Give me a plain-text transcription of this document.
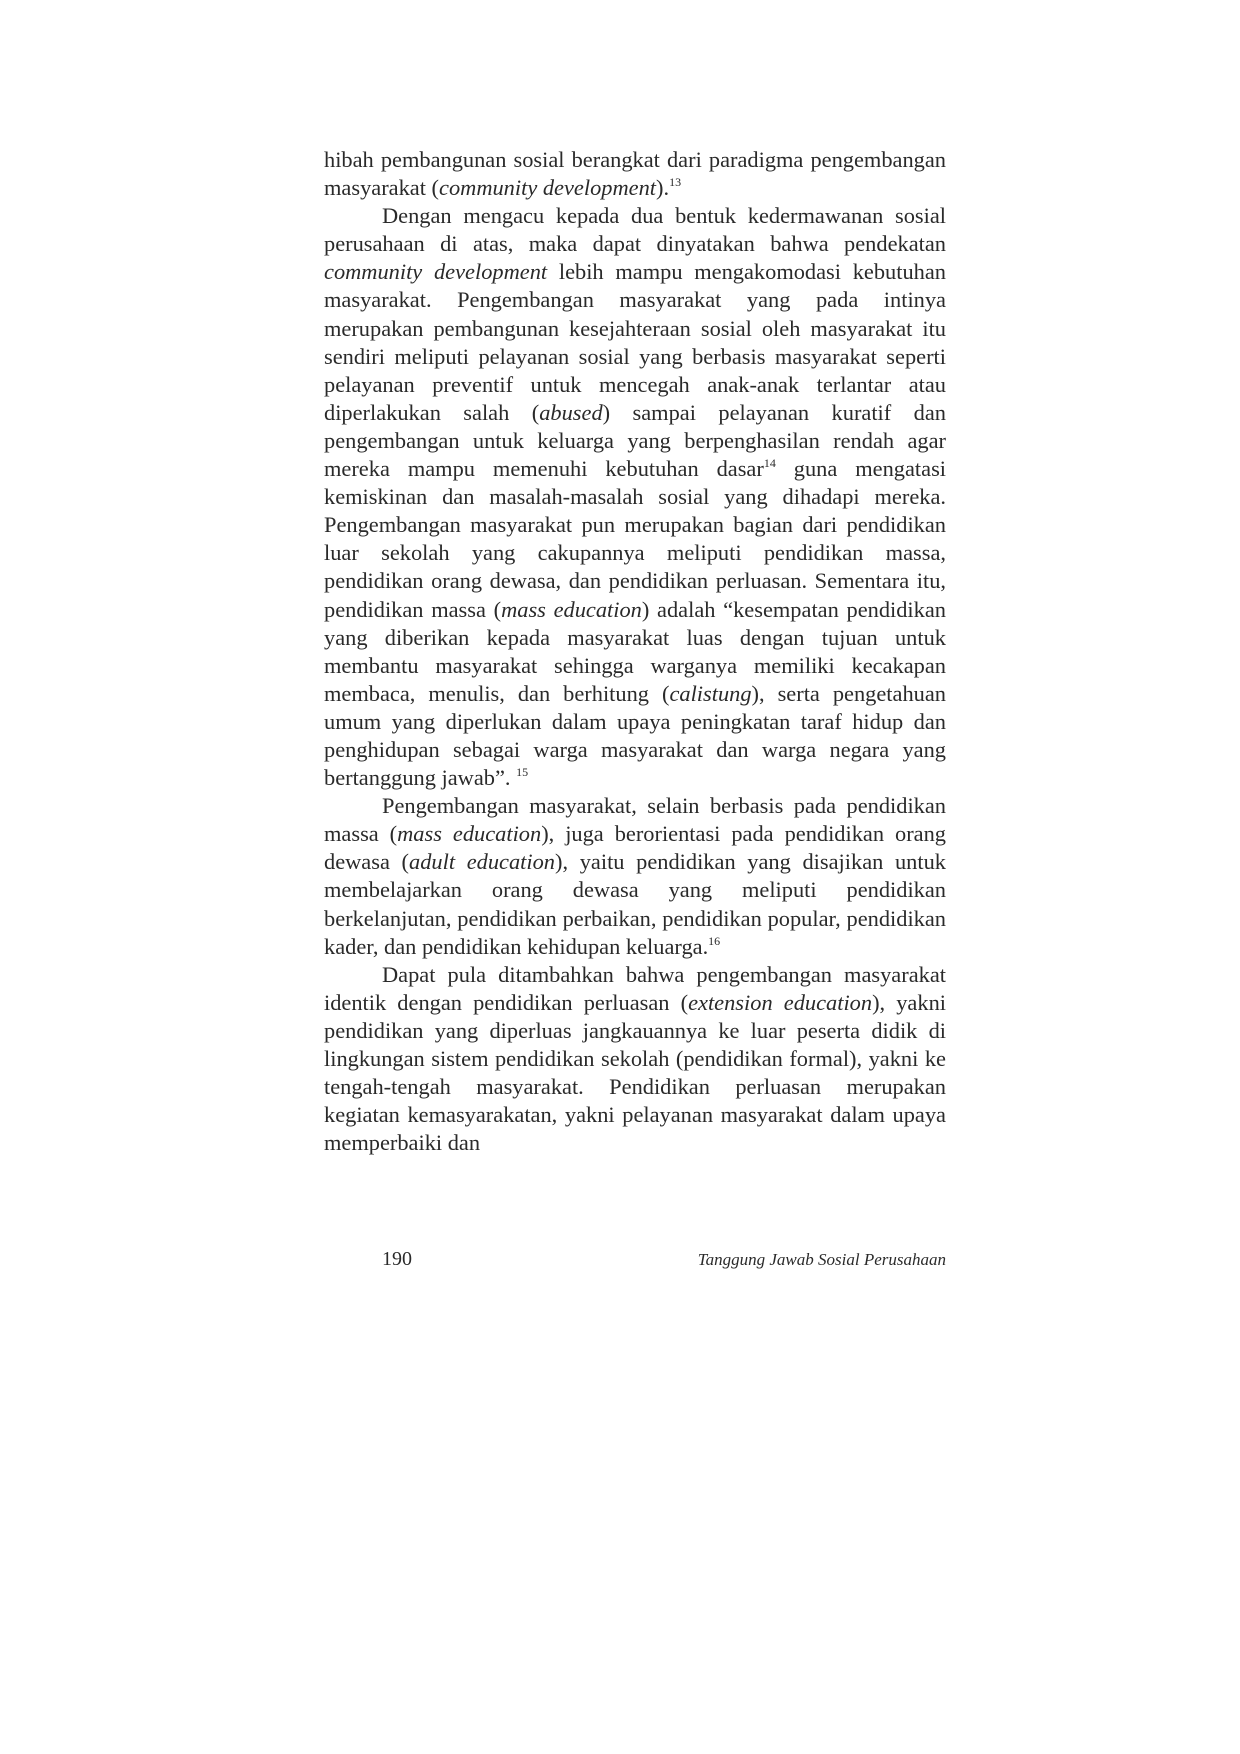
hibah pembangunan sosial berangkat dari paradigma pengembangan masyarakat (community development).$^{13}$

Dengan mengacu kepada dua bentuk kedermawanan sosial perusahaan di atas, maka dapat dinyatakan bahwa pendekatan community development lebih mampu mengakomodasi kebutuhan masyarakat. Pengembangan masyarakat yang pada intinya merupakan pembangunan kesejahteraan sosial oleh masyarakat itu sendiri meliputi pelayanan sosial yang berbasis masyarakat seperti pelayanan preventif untuk mencegah anak-anak terlantar atau diperlakukan salah (abused) sampai pelayanan kuratif dan pengembangan untuk keluarga yang berpenghasilan rendah agar mereka mampu memenuhi kebutuhan dasar$^{14}$ guna mengatasi kemiskinan dan masalah-masalah sosial yang dihadapi mereka. Pengembangan masyarakat pun merupakan bagian dari pendidikan luar sekolah yang cakupannya meliputi pendidikan massa, pendidikan orang dewasa, dan pendidikan perluasan. Sementara itu, pendidikan massa (mass education) adalah “kesempatan pendidikan yang diberikan kepada masyarakat luas dengan tujuan untuk membantu masyarakat sehingga warganya memiliki kecakapan membaca, menulis, dan berhitung (calistung), serta pengetahuan umum yang diperlukan dalam upaya peningkatan taraf hidup dan penghidupan sebagai warga masyarakat dan warga negara yang bertanggung jawab”. $^{15}$

Pengembangan masyarakat, selain berbasis pada pendidikan massa (mass education), juga berorientasi pada pendidikan orang dewasa (adult education), yaitu pendidikan yang disajikan untuk membelajarkan orang dewasa yang meliputi pendidikan berkelanjutan, pendidikan perbaikan, pendidikan popular, pendidikan kader, dan pendidikan kehidupan keluarga.$^{16}$

Dapat pula ditambahkan bahwa pengembangan masyarakat identik dengan pendidikan perluasan (extension education), yakni pendidikan yang diperluas jangkauannya ke luar peserta didik di lingkungan sistem pendidikan sekolah (pendidikan formal), yakni ke tengah-tengah masyarakat. Pendidikan perluasan merupakan kegiatan kemasyarakatan, yakni pelayanan masyarakat dalam upaya memperbaiki dan

190	Tanggung Jawab Sosial Perusahaan
